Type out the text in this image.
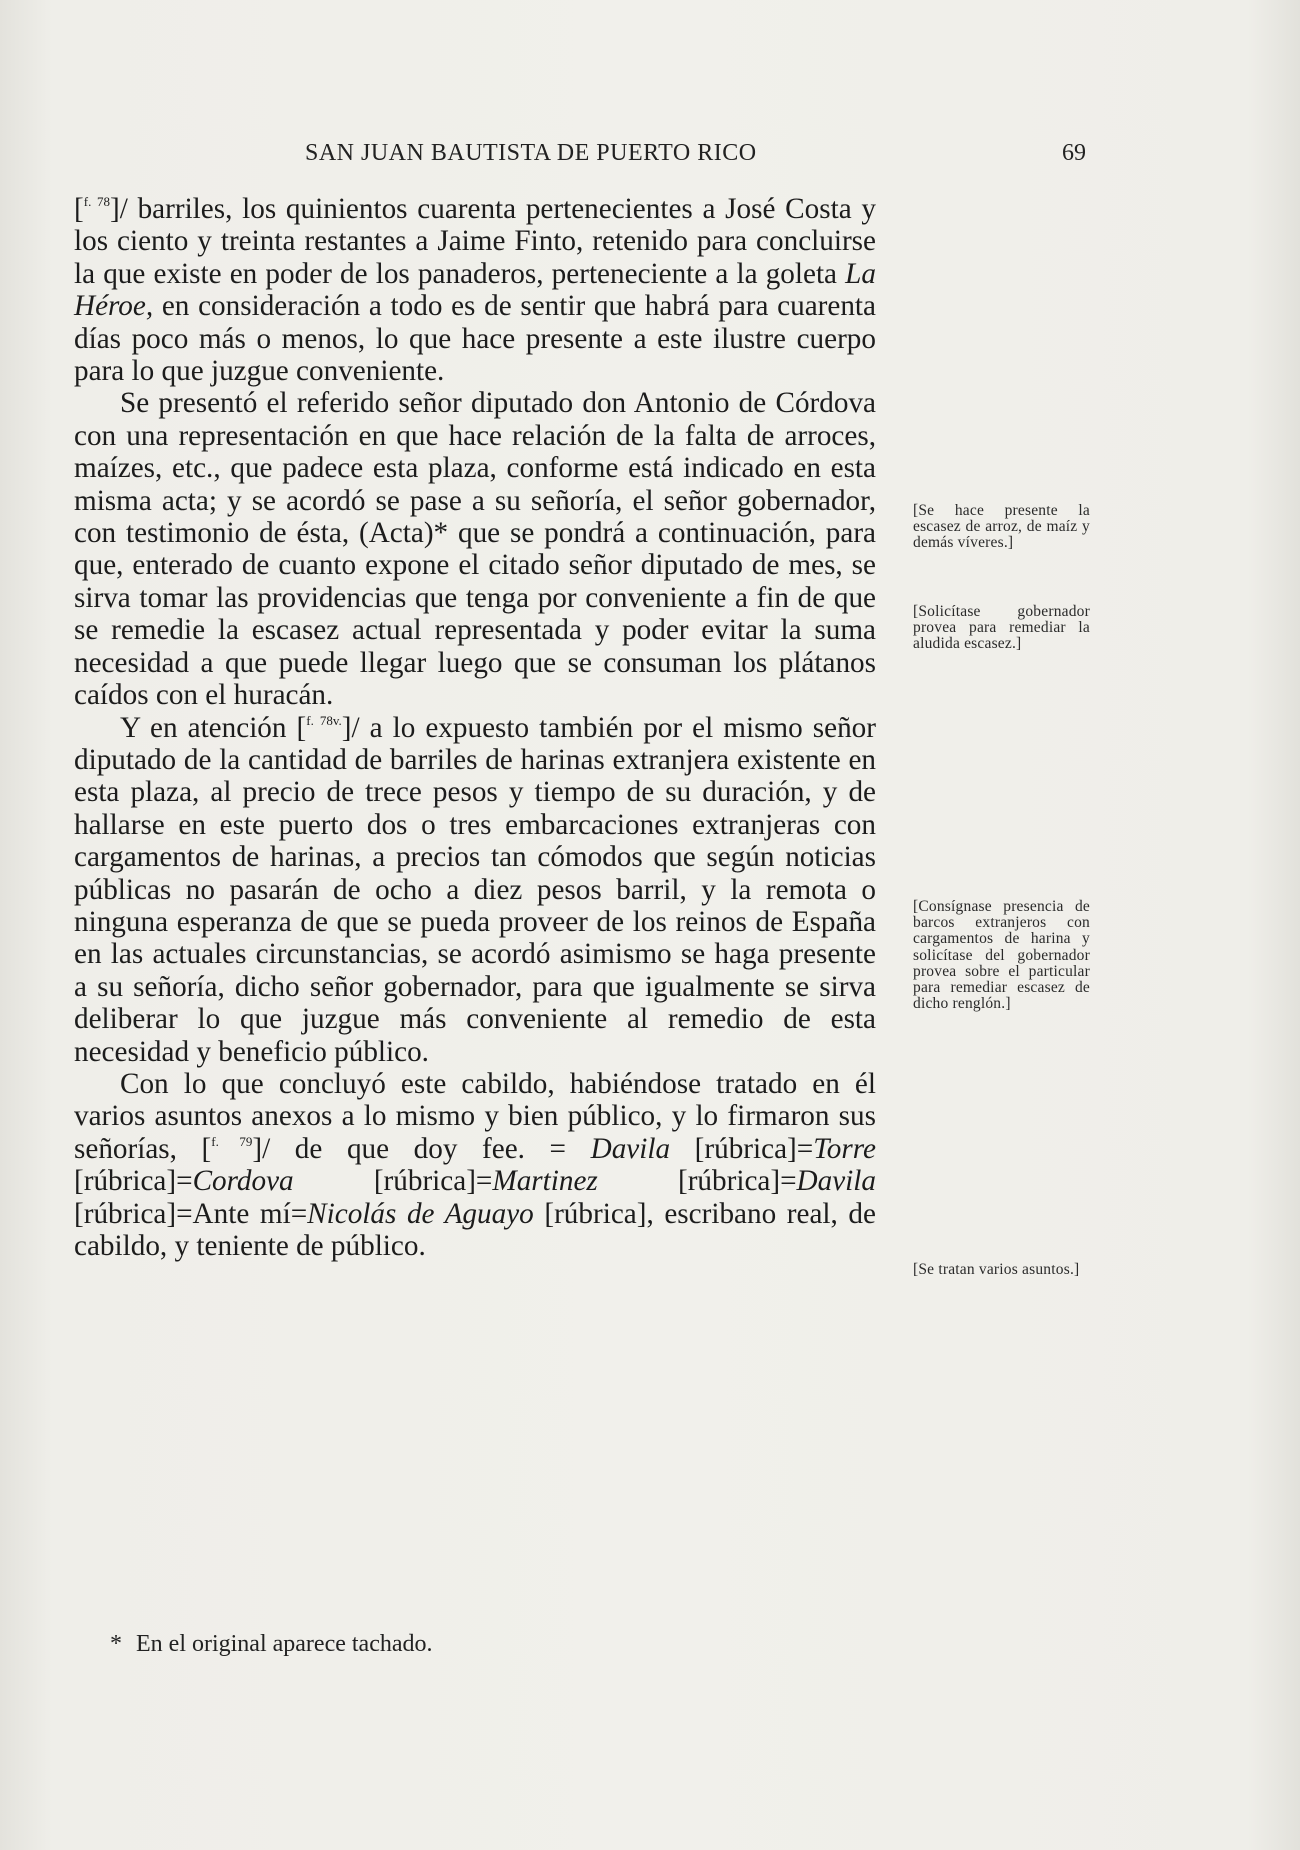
SAN JUAN BAUTISTA DE PUERTO RICO	69

[$^{f. 78}$]/ barriles, los quinientos cuarenta pertenecientes a José Costa y los ciento y treinta restantes a Jaime Finto, retenido para concluirse la que existe en poder de los panaderos, perteneciente a la goleta La Héroe, en consideración a todo es de sentir que habrá para cuarenta días poco más o menos, lo que hace presente a este ilustre cuerpo para lo que juzgue conveniente.

Se presentó el referido señor diputado don Antonio de Córdova con una representación en que hace relación de la falta de arroces, maízes, etc., que padece esta plaza, conforme está indicado en esta misma acta; y se acordó se pase a su señoría, el señor gobernador, con testimonio de ésta, (Acta)* que se pondrá a continuación, para que, enterado de cuanto expone el citado señor diputado de mes, se sirva tomar las providencias que tenga por conveniente a fin de que se remedie la escasez actual representada y poder evitar la suma necesidad a que puede llegar luego que se consuman los plátanos caídos con el huracán.

Y en atención [$^{f. 78v.}$]/ a lo expuesto también por el mismo señor diputado de la cantidad de barriles de harinas extranjera existente en esta plaza, al precio de trece pesos y tiempo de su duración, y de hallarse en este puerto dos o tres embarcaciones extranjeras con cargamentos de harinas, a precios tan cómodos que según noticias públicas no pasarán de ocho a diez pesos barril, y la remota o ninguna esperanza de que se pueda proveer de los reinos de España en las actuales circunstancias, se acordó asimismo se haga presente a su señoría, dicho señor gobernador, para que igualmente se sirva deliberar lo que juzgue más conveniente al remedio de esta necesidad y beneficio público.

Con lo que concluyó este cabildo, habiéndose tratado en él varios asuntos anexos a lo mismo y bien público, y lo firmaron sus señorías, [$^{f. 79}$]/ de que doy fee. = Davila [rúbrica]=Torre [rúbrica]=Cordova	[rúbrica]=Martinez	[rúbrica]=Davila [rúbrica]=Ante mí=Nicolás de Aguayo [rúbrica], escribano real, de cabildo, y teniente de público.

[Se hace presente la escasez de arroz, de maíz y demás víveres.]
[Solicítase gobernador provea para remediar la aludida escasez.]
[Consígnase presencia de barcos extranjeros con cargamentos de harina y solicítase del gobernador provea sobre el particular para remediar escasez de dicho renglón.]
[Se tratan varios asuntos.]
* En el original aparece tachado.
